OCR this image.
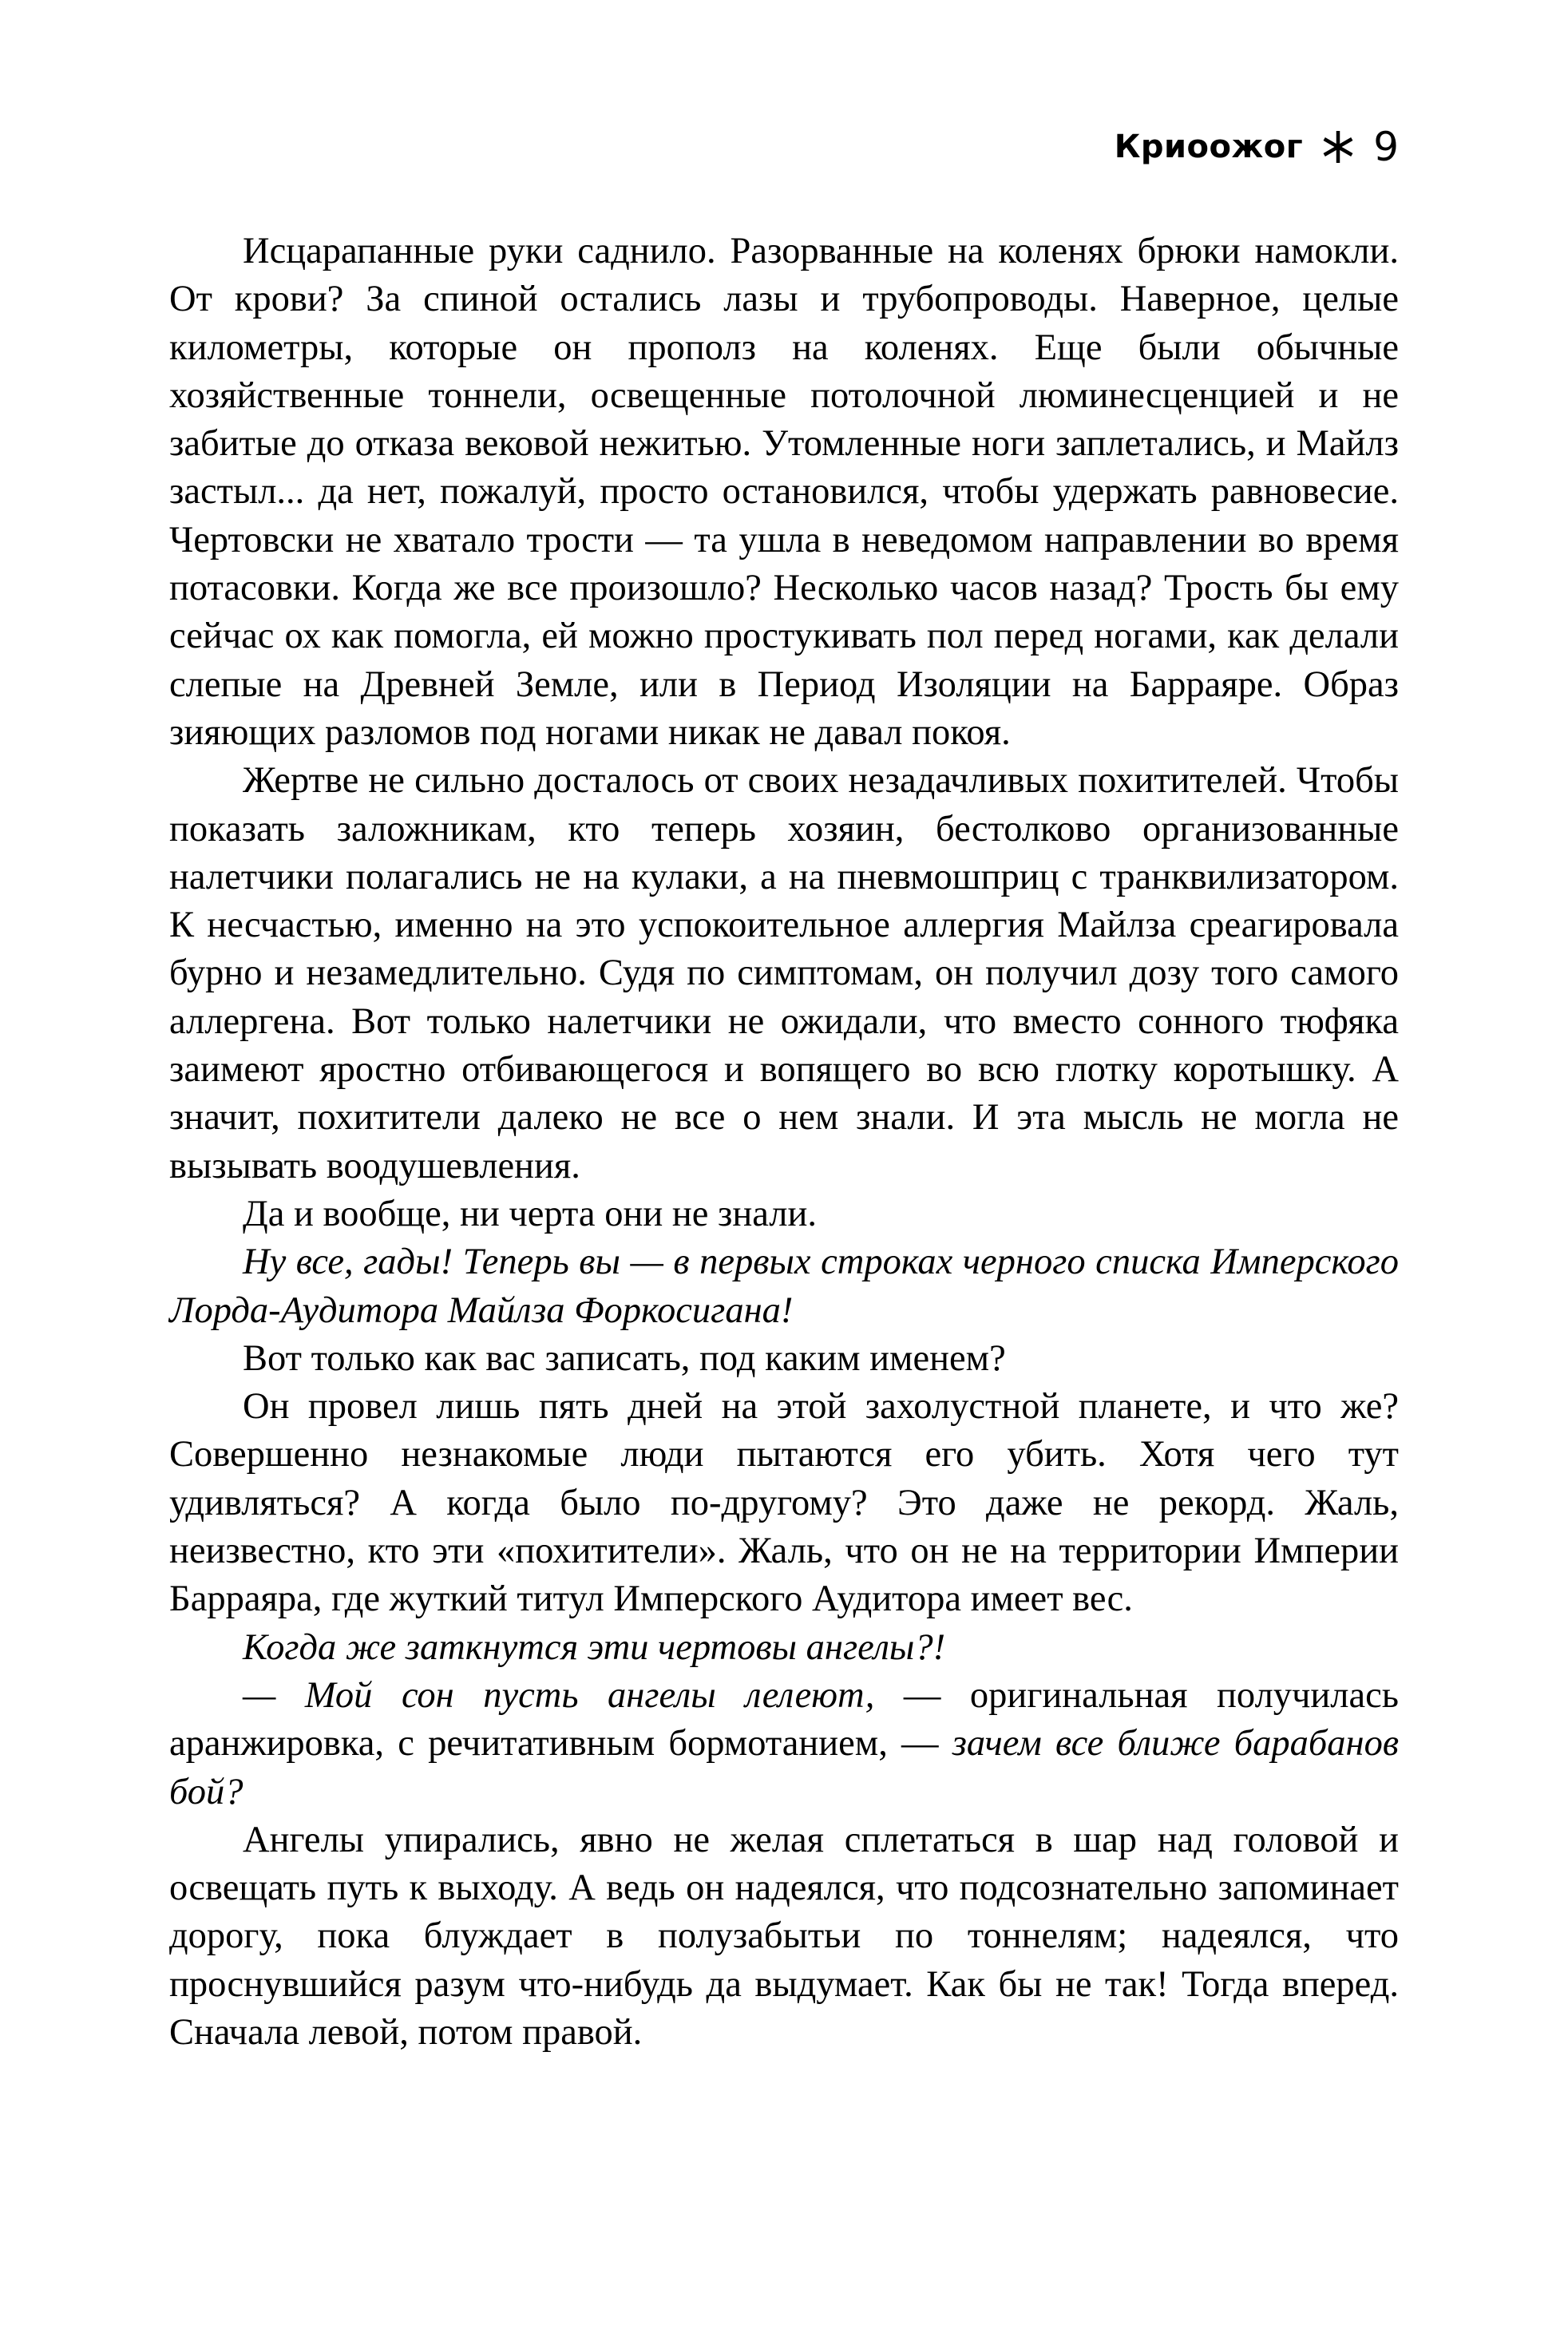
Криоожог 9

Исцарапанные руки саднило. Разорванные на коленях брюки намокли. От крови? За спиной остались лазы и трубопроводы. Наверное, целые километры, которые он прополз на коленях. Еще были обычные хозяйственные тоннели, освещенные потолочной люминесценцией и не забитые до отказа вековой нежитью. Утомленные ноги заплетались, и Майлз застыл... да нет, пожалуй, просто остановился, чтобы удержать равновесие. Чертовски не хватало трости — та ушла в неведомом направлении во время потасовки. Когда же все произошло? Несколько часов назад? Трость бы ему сейчас ох как помогла, ей можно простукивать пол перед ногами, как делали слепые на Древней Земле, или в Период Изоляции на Барраяре. Образ зияющих разломов под ногами никак не давал покоя.

Жертве не сильно досталось от своих незадачливых похитителей. Чтобы показать заложникам, кто теперь хозяин, бестолково организованные налетчики полагались не на кулаки, а на пневмошприц с транквилизатором. К несчастью, именно на это успокоительное аллергия Майлза среагировала бурно и незамедлительно. Судя по симптомам, он получил дозу того самого аллергена. Вот только налетчики не ожидали, что вместо сонного тюфяка заимеют яростно отбивающегося и вопящего во всю глотку коротышку. А значит, похитители далеко не все о нем знали. И эта мысль не могла не вызывать воодушевления.

Да и вообще, ни черта они не знали.

Ну все, гады! Теперь вы — в первых строках черного списка Имперского Лорда-Аудитора Майлза Форкосигана!

Вот только как вас записать, под каким именем?

Он провел лишь пять дней на этой захолустной планете, и что же? Совершенно незнакомые люди пытаются его убить. Хотя чего тут удивляться? А когда было по-другому? Это даже не рекорд. Жаль, неизвестно, кто эти «похитители». Жаль, что он не на территории Империи Барраяра, где жуткий титул Имперского Аудитора имеет вес.

Когда же заткнутся эти чертовы ангелы?!

— Мой сон пусть ангелы лелеют, — оригинальная получилась аранжировка, с речитативным бормотанием, — зачем все ближе барабанов бой?

Ангелы упирались, явно не желая сплетаться в шар над головой и освещать путь к выходу. А ведь он надеялся, что подсознательно запоминает дорогу, пока блуждает в полузабытьи по тоннелям; надеялся, что проснувшийся разум что-нибудь да выдумает. Как бы не так! Тогда вперед. Сначала левой, потом правой.
